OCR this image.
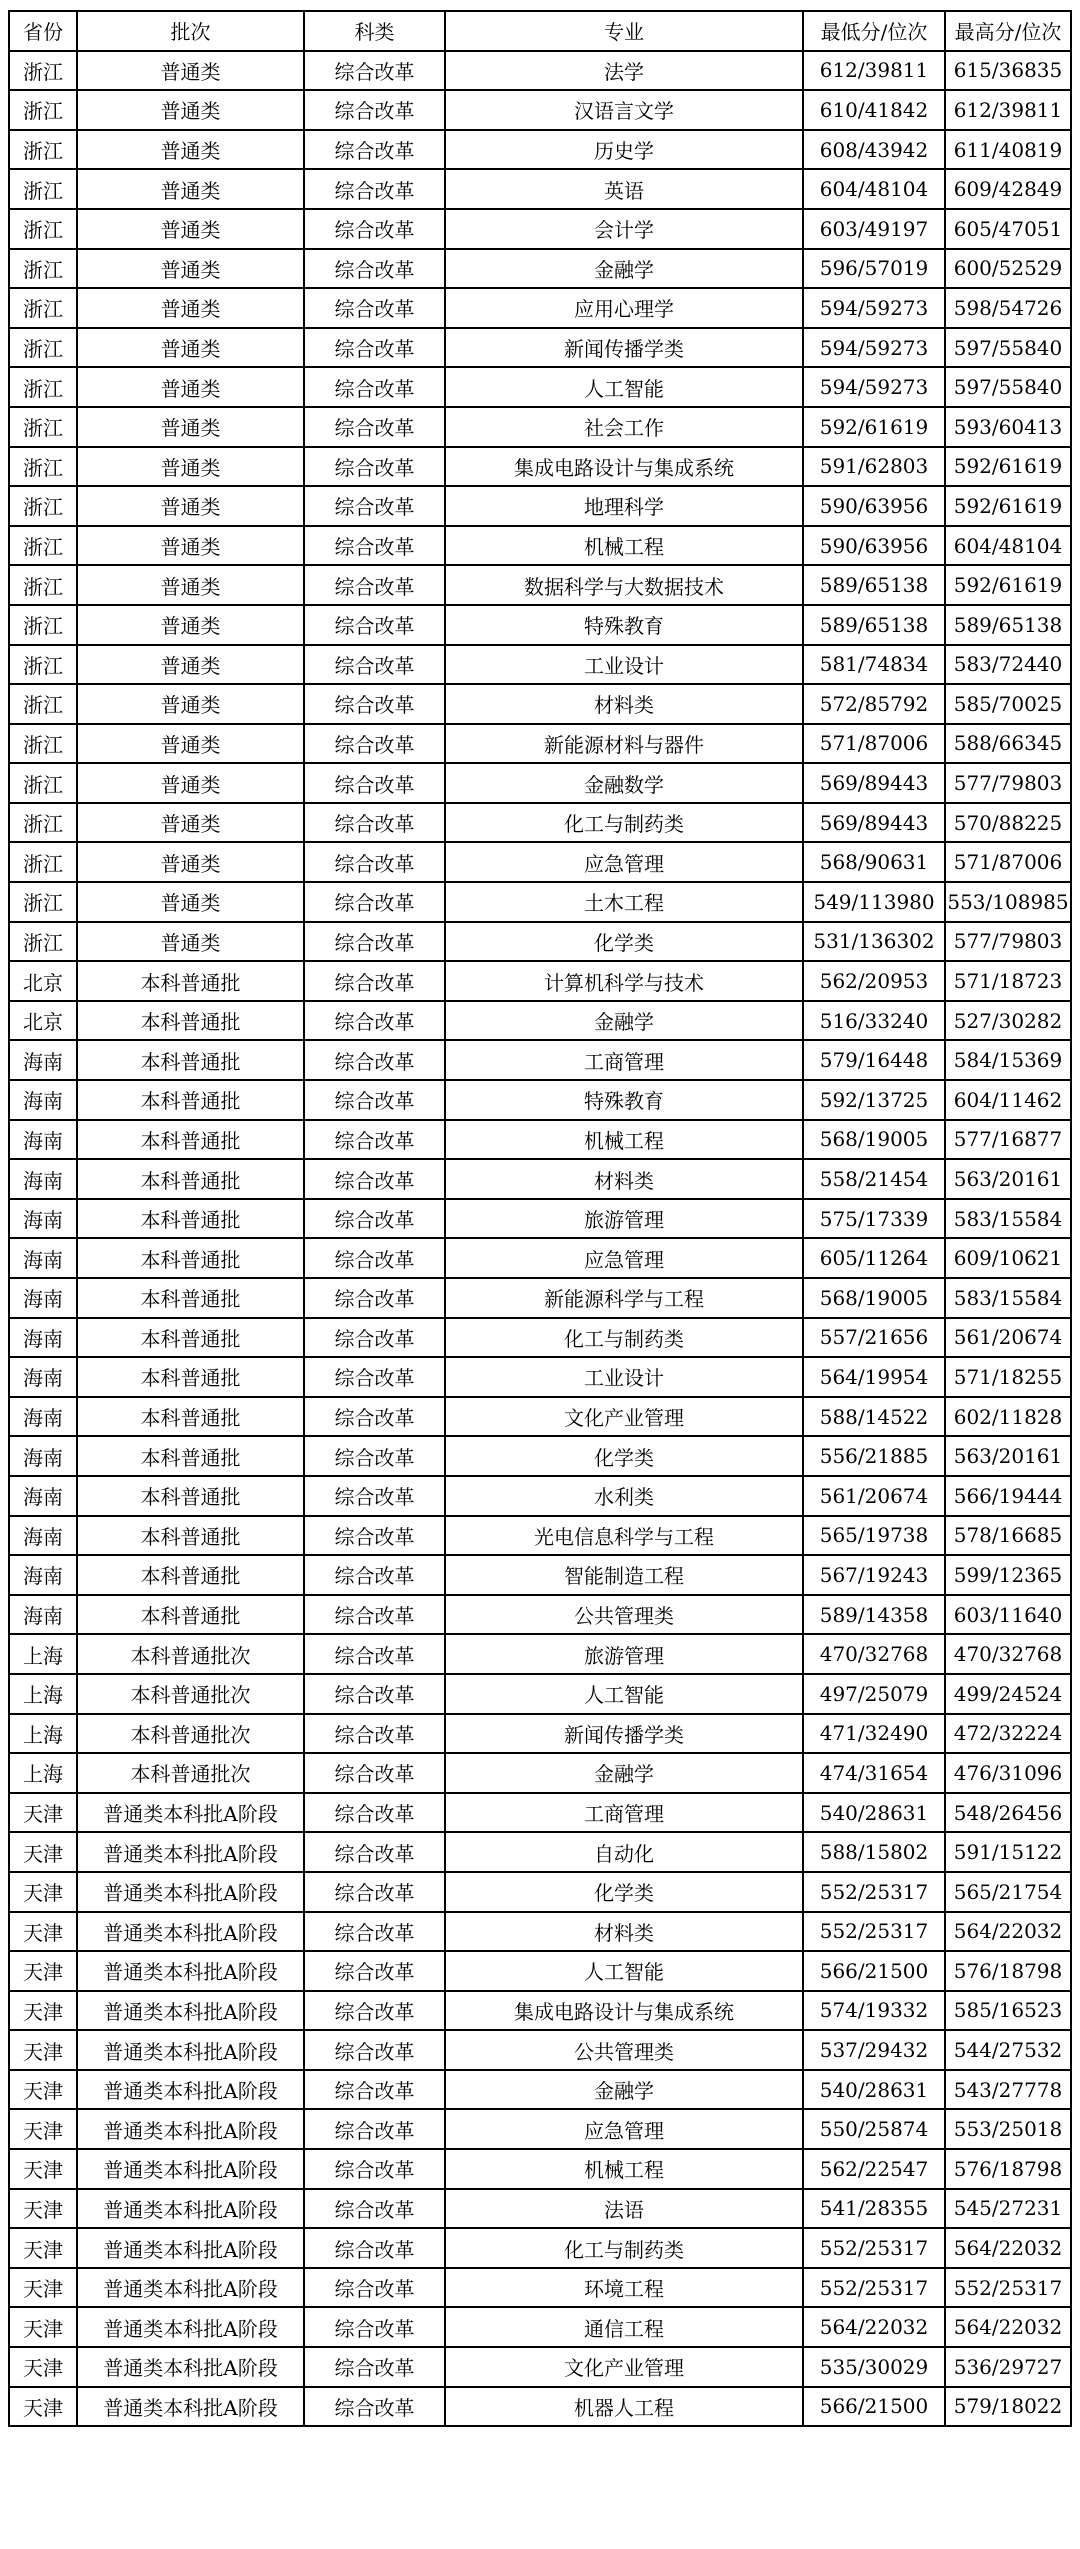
省份	批次	科类	专业	最低分/位次	最高分/位次
浙江	普通类	综合改革	法学	612/39811	615/36835
浙江	普通类	综合改革	汉语言文学	610/41842	612/39811
浙江	普通类	综合改革	历史学	608/43942	611/40819
浙江	普通类	综合改革	英语	604/48104	609/42849
浙江	普通类	综合改革	会计学	603/49197	605/47051
浙江	普通类	综合改革	金融学	596/57019	600/52529
浙江	普通类	综合改革	应用心理学	594/59273	598/54726
浙江	普通类	综合改革	新闻传播学类	594/59273	597/55840
浙江	普通类	综合改革	人工智能	594/59273	597/55840
浙江	普通类	综合改革	社会工作	592/61619	593/60413
浙江	普通类	综合改革	集成电路设计与集成系统	591/62803	592/61619
浙江	普通类	综合改革	地理科学	590/63956	592/61619
浙江	普通类	综合改革	机械工程	590/63956	604/48104
浙江	普通类	综合改革	数据科学与大数据技术	589/65138	592/61619
浙江	普通类	综合改革	特殊教育	589/65138	589/65138
浙江	普通类	综合改革	工业设计	581/74834	583/72440
浙江	普通类	综合改革	材料类	572/85792	585/70025
浙江	普通类	综合改革	新能源材料与器件	571/87006	588/66345
浙江	普通类	综合改革	金融数学	569/89443	577/79803
浙江	普通类	综合改革	化工与制药类	569/89443	570/88225
浙江	普通类	综合改革	应急管理	568/90631	571/87006
浙江	普通类	综合改革	土木工程	549/113980	553/108985
浙江	普通类	综合改革	化学类	531/136302	577/79803
北京	本科普通批	综合改革	计算机科学与技术	562/20953	571/18723
北京	本科普通批	综合改革	金融学	516/33240	527/30282
海南	本科普通批	综合改革	工商管理	579/16448	584/15369
海南	本科普通批	综合改革	特殊教育	592/13725	604/11462
海南	本科普通批	综合改革	机械工程	568/19005	577/16877
海南	本科普通批	综合改革	材料类	558/21454	563/20161
海南	本科普通批	综合改革	旅游管理	575/17339	583/15584
海南	本科普通批	综合改革	应急管理	605/11264	609/10621
海南	本科普通批	综合改革	新能源科学与工程	568/19005	583/15584
海南	本科普通批	综合改革	化工与制药类	557/21656	561/20674
海南	本科普通批	综合改革	工业设计	564/19954	571/18255
海南	本科普通批	综合改革	文化产业管理	588/14522	602/11828
海南	本科普通批	综合改革	化学类	556/21885	563/20161
海南	本科普通批	综合改革	水利类	561/20674	566/19444
海南	本科普通批	综合改革	光电信息科学与工程	565/19738	578/16685
海南	本科普通批	综合改革	智能制造工程	567/19243	599/12365
海南	本科普通批	综合改革	公共管理类	589/14358	603/11640
上海	本科普通批次	综合改革	旅游管理	470/32768	470/32768
上海	本科普通批次	综合改革	人工智能	497/25079	499/24524
上海	本科普通批次	综合改革	新闻传播学类	471/32490	472/32224
上海	本科普通批次	综合改革	金融学	474/31654	476/31096
天津	普通类本科批A阶段	综合改革	工商管理	540/28631	548/26456
天津	普通类本科批A阶段	综合改革	自动化	588/15802	591/15122
天津	普通类本科批A阶段	综合改革	化学类	552/25317	565/21754
天津	普通类本科批A阶段	综合改革	材料类	552/25317	564/22032
天津	普通类本科批A阶段	综合改革	人工智能	566/21500	576/18798
天津	普通类本科批A阶段	综合改革	集成电路设计与集成系统	574/19332	585/16523
天津	普通类本科批A阶段	综合改革	公共管理类	537/29432	544/27532
天津	普通类本科批A阶段	综合改革	金融学	540/28631	543/27778
天津	普通类本科批A阶段	综合改革	应急管理	550/25874	553/25018
天津	普通类本科批A阶段	综合改革	机械工程	562/22547	576/18798
天津	普通类本科批A阶段	综合改革	法语	541/28355	545/27231
天津	普通类本科批A阶段	综合改革	化工与制药类	552/25317	564/22032
天津	普通类本科批A阶段	综合改革	环境工程	552/25317	552/25317
天津	普通类本科批A阶段	综合改革	通信工程	564/22032	564/22032
天津	普通类本科批A阶段	综合改革	文化产业管理	535/30029	536/29727
天津	普通类本科批A阶段	综合改革	机器人工程	566/21500	579/18022
